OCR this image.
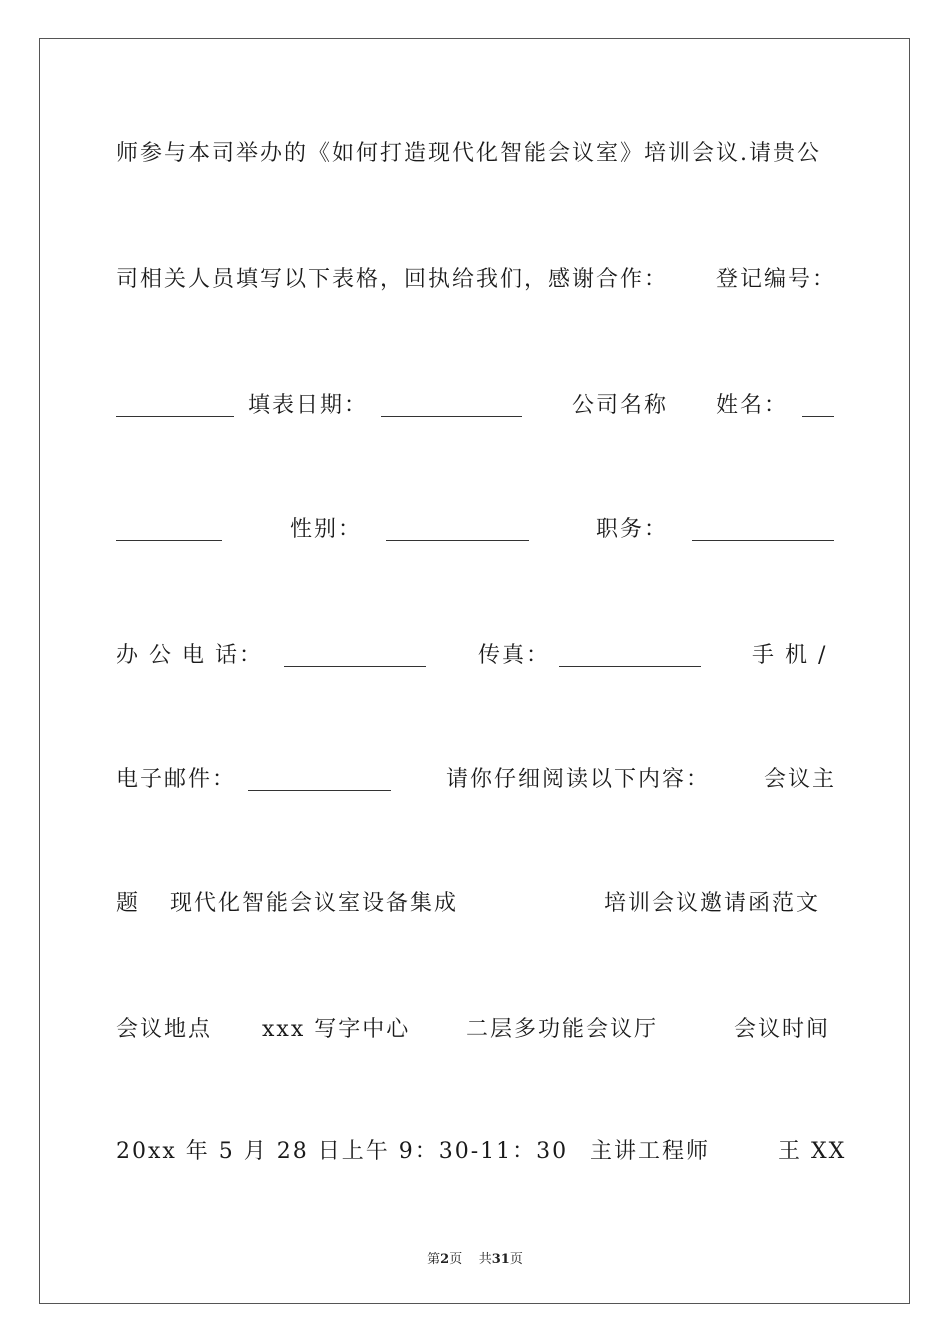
师参与本司举办的《如何打造现代化智能会议室》培训会议.请贵公
司相关人员填写以下表格，回执给我们，感谢合作： 登记编号：
填表日期：	公司名称 姓名：
性别：	职务：
办 公 电 话：	传真：	手 机 /
电子邮件：	请你仔细阅读以下内容： 会议主
题 现代化智能会议室设备集成	培训会议邀请函范文
会议地点 xxx 写字中心	二层多功能会议厅	会议时间
20xx 年 5 月 28 日上午 9：30-11：30 主讲工程师	王 XX
第2页 共31页
